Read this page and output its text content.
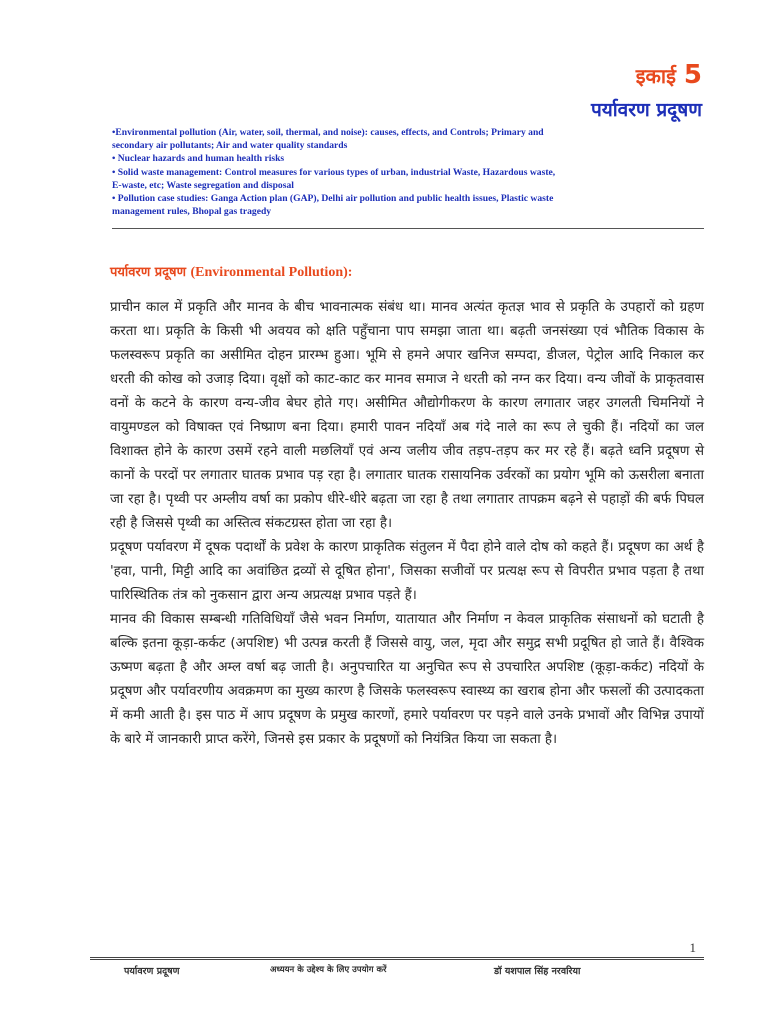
इकाई 5
पर्यावरण प्रदूषण

•Environmental pollution (Air, water, soil, thermal, and noise): causes, effects, and Controls; Primary and secondary air pollutants; Air and water quality standards

• Nuclear hazards and human health risks

• Solid waste management: Control measures for various types of urban, industrial Waste, Hazardous waste, E-waste, etc; Waste segregation and disposal

• Pollution case studies: Ganga Action plan (GAP), Delhi air pollution and public health issues, Plastic waste management rules, Bhopal gas tragedy

पर्यावरण प्रदूषण (Environmental Pollution):

प्राचीन काल में प्रकृति और मानव के बीच भावनात्मक संबंध था। मानव अत्यंत कृतज्ञ भाव से प्रकृति के उपहारों को ग्रहण करता था। प्रकृति के किसी भी अवयव को क्षति पहुँचाना पाप समझा जाता था। बढ़ती जनसंख्या एवं भौतिक विकास के फलस्वरूप प्रकृति का असीमित दोहन प्रारम्भ हुआ। भूमि से हमने अपार खनिज सम्पदा, डीजल, पेट्रोल आदि निकाल कर धरती की कोख को उजाड़ दिया। वृक्षों को काट-काट कर मानव समाज ने धरती को नग्न कर दिया। वन्य जीवों के प्राकृतवास वनों के कटने के कारण वन्य-जीव बेघर होते गए। असीमित औद्योगीकरण के कारण लगातार जहर उगलती चिमनियों ने वायुमण्डल को विषाक्त एवं निष्प्राण बना दिया। हमारी पावन नदियाँ अब गंदे नाले का रूप ले चुकी हैं। नदियों का जल विशाक्त होने के कारण उसमें रहने वाली मछलियाँ एवं अन्य जलीय जीव तड़प-तड़प कर मर रहे हैं। बढ़ते ध्वनि प्रदूषण से कानों के परदों पर लगातार घातक प्रभाव पड़ रहा है। लगातार घातक रासायनिक उर्वरकों का प्रयोग भूमि को ऊसरीला बनाता जा रहा है। पृथ्वी पर अम्लीय वर्षा का प्रकोप धीरे-धीरे बढ़ता जा रहा है तथा लगातार तापक्रम बढ़ने से पहाड़ों की बर्फ पिघल रही है जिससे पृथ्वी का अस्तित्व संकटग्रस्त होता जा रहा है।

प्रदूषण पर्यावरण में दूषक पदार्थों के प्रवेश के कारण प्राकृतिक संतुलन में पैदा होने वाले दोष को कहते हैं। प्रदूषण का अर्थ है 'हवा, पानी, मिट्टी आदि का अवांछित द्रव्यों से दूषित होना', जिसका सजीवों पर प्रत्यक्ष रूप से विपरीत प्रभाव पड़ता है तथा पारिस्थितिक तंत्र को नुकसान द्वारा अन्य अप्रत्यक्ष प्रभाव पड़ते हैं।

मानव की विकास सम्बन्धी गतिविधियाँ जैसे भवन निर्माण, यातायात और निर्माण न केवल प्राकृतिक संसाधनों को घटाती है बल्कि इतना कूड़ा-कर्कट (अपशिष्ट) भी उत्पन्न करती हैं जिससे वायु, जल, मृदा और समुद्र सभी प्रदूषित हो जाते हैं। वैश्विक ऊष्मण बढ़ता है और अम्ल वर्षा बढ़ जाती है। अनुपचारित या अनुचित रूप से उपचारित अपशिष्ट (कूड़ा-कर्कट) नदियों के प्रदूषण और पर्यावरणीय अवक्रमण का मुख्य कारण है जिसके फलस्वरूप स्वास्थ्य का खराब होना और फसलों की उत्पादकता में कमी आती है। इस पाठ में आप प्रदूषण के प्रमुख कारणों, हमारे पर्यावरण पर पड़ने वाले उनके प्रभावों और विभिन्न उपायों के बारे में जानकारी प्राप्त करेंगे, जिनसे इस प्रकार के प्रदूषणों को नियंत्रित किया जा सकता है।

1
पर्यावरण प्रदूषण	अध्ययन के उद्देश्य के लिए उपयोग करें	डॉ यशपाल सिंह नरवरिया
